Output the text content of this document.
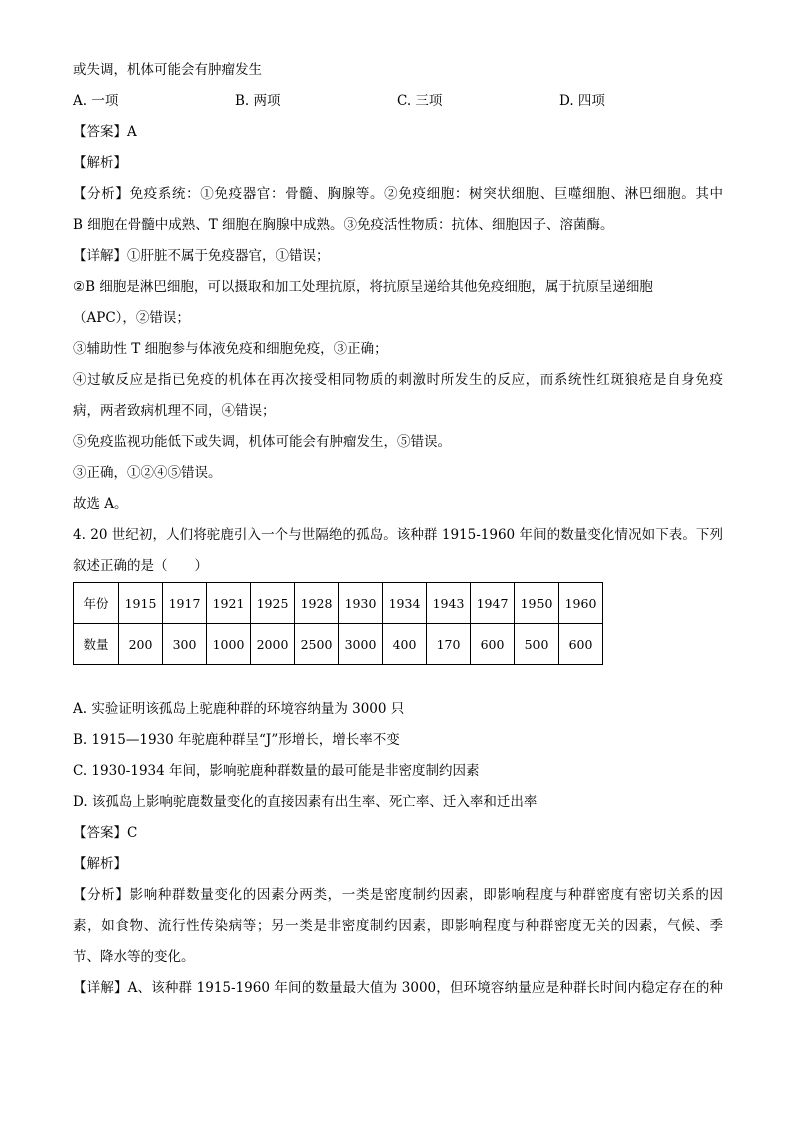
或失调，机体可能会有肿瘤发生
A. 一项	B. 两项	C. 三项	D. 四项
【答案】A
【解析】
【分析】免疫系统：①免疫器官：骨髓、胸腺等。②免疫细胞：树突状细胞、巨噬细胞、淋巴细胞。其中
B 细胞在骨髓中成熟、T 细胞在胸腺中成熟。③免疫活性物质：抗体、细胞因子、溶菌酶。
【详解】①肝脏不属于免疫器官，①错误；
②B 细胞是淋巴细胞，可以摄取和加工处理抗原，将抗原呈递给其他免疫细胞，属于抗原呈递细胞
（APC），②错误；
③辅助性 T 细胞参与体液免疫和细胞免疫，③正确；
④过敏反应是指已免疫的机体在再次接受相同物质的刺激时所发生的反应，而系统性红斑狼疮是自身免疫
病，两者致病机理不同，④错误；
⑤免疫监视功能低下或失调，机体可能会有肿瘤发生，⑤错误。
③正确，①②④⑤错误。
故选 A。
4. 20 世纪初，人们将驼鹿引入一个与世隔绝的孤岛。该种群 1915-1960 年间的数量变化情况如下表。下列
叙述正确的是（　　）
年份	1915	1917	1921	1925	1928	1930	1934	1943	1947	1950	1960
数量	200	300	1000	2000	2500	3000	400	170	600	500	600
A. 实验证明该孤岛上驼鹿种群的环境容纳量为 3000 只
B. 1915—1930 年驼鹿种群呈“J”形增长，增长率不变
C. 1930-1934 年间，影响驼鹿种群数量的最可能是非密度制约因素
D. 该孤岛上影响驼鹿数量变化的直接因素有出生率、死亡率、迁入率和迁出率
【答案】C
【解析】
【分析】影响种群数量变化的因素分两类，一类是密度制约因素，即影响程度与种群密度有密切关系的因
素，如食物、流行性传染病等；另一类是非密度制约因素，即影响程度与种群密度无关的因素，气候、季
节、降水等的变化。
【详解】A、该种群 1915-1960 年间的数量最大值为 3000，但环境容纳量应是种群长时间内稳定存在的种
